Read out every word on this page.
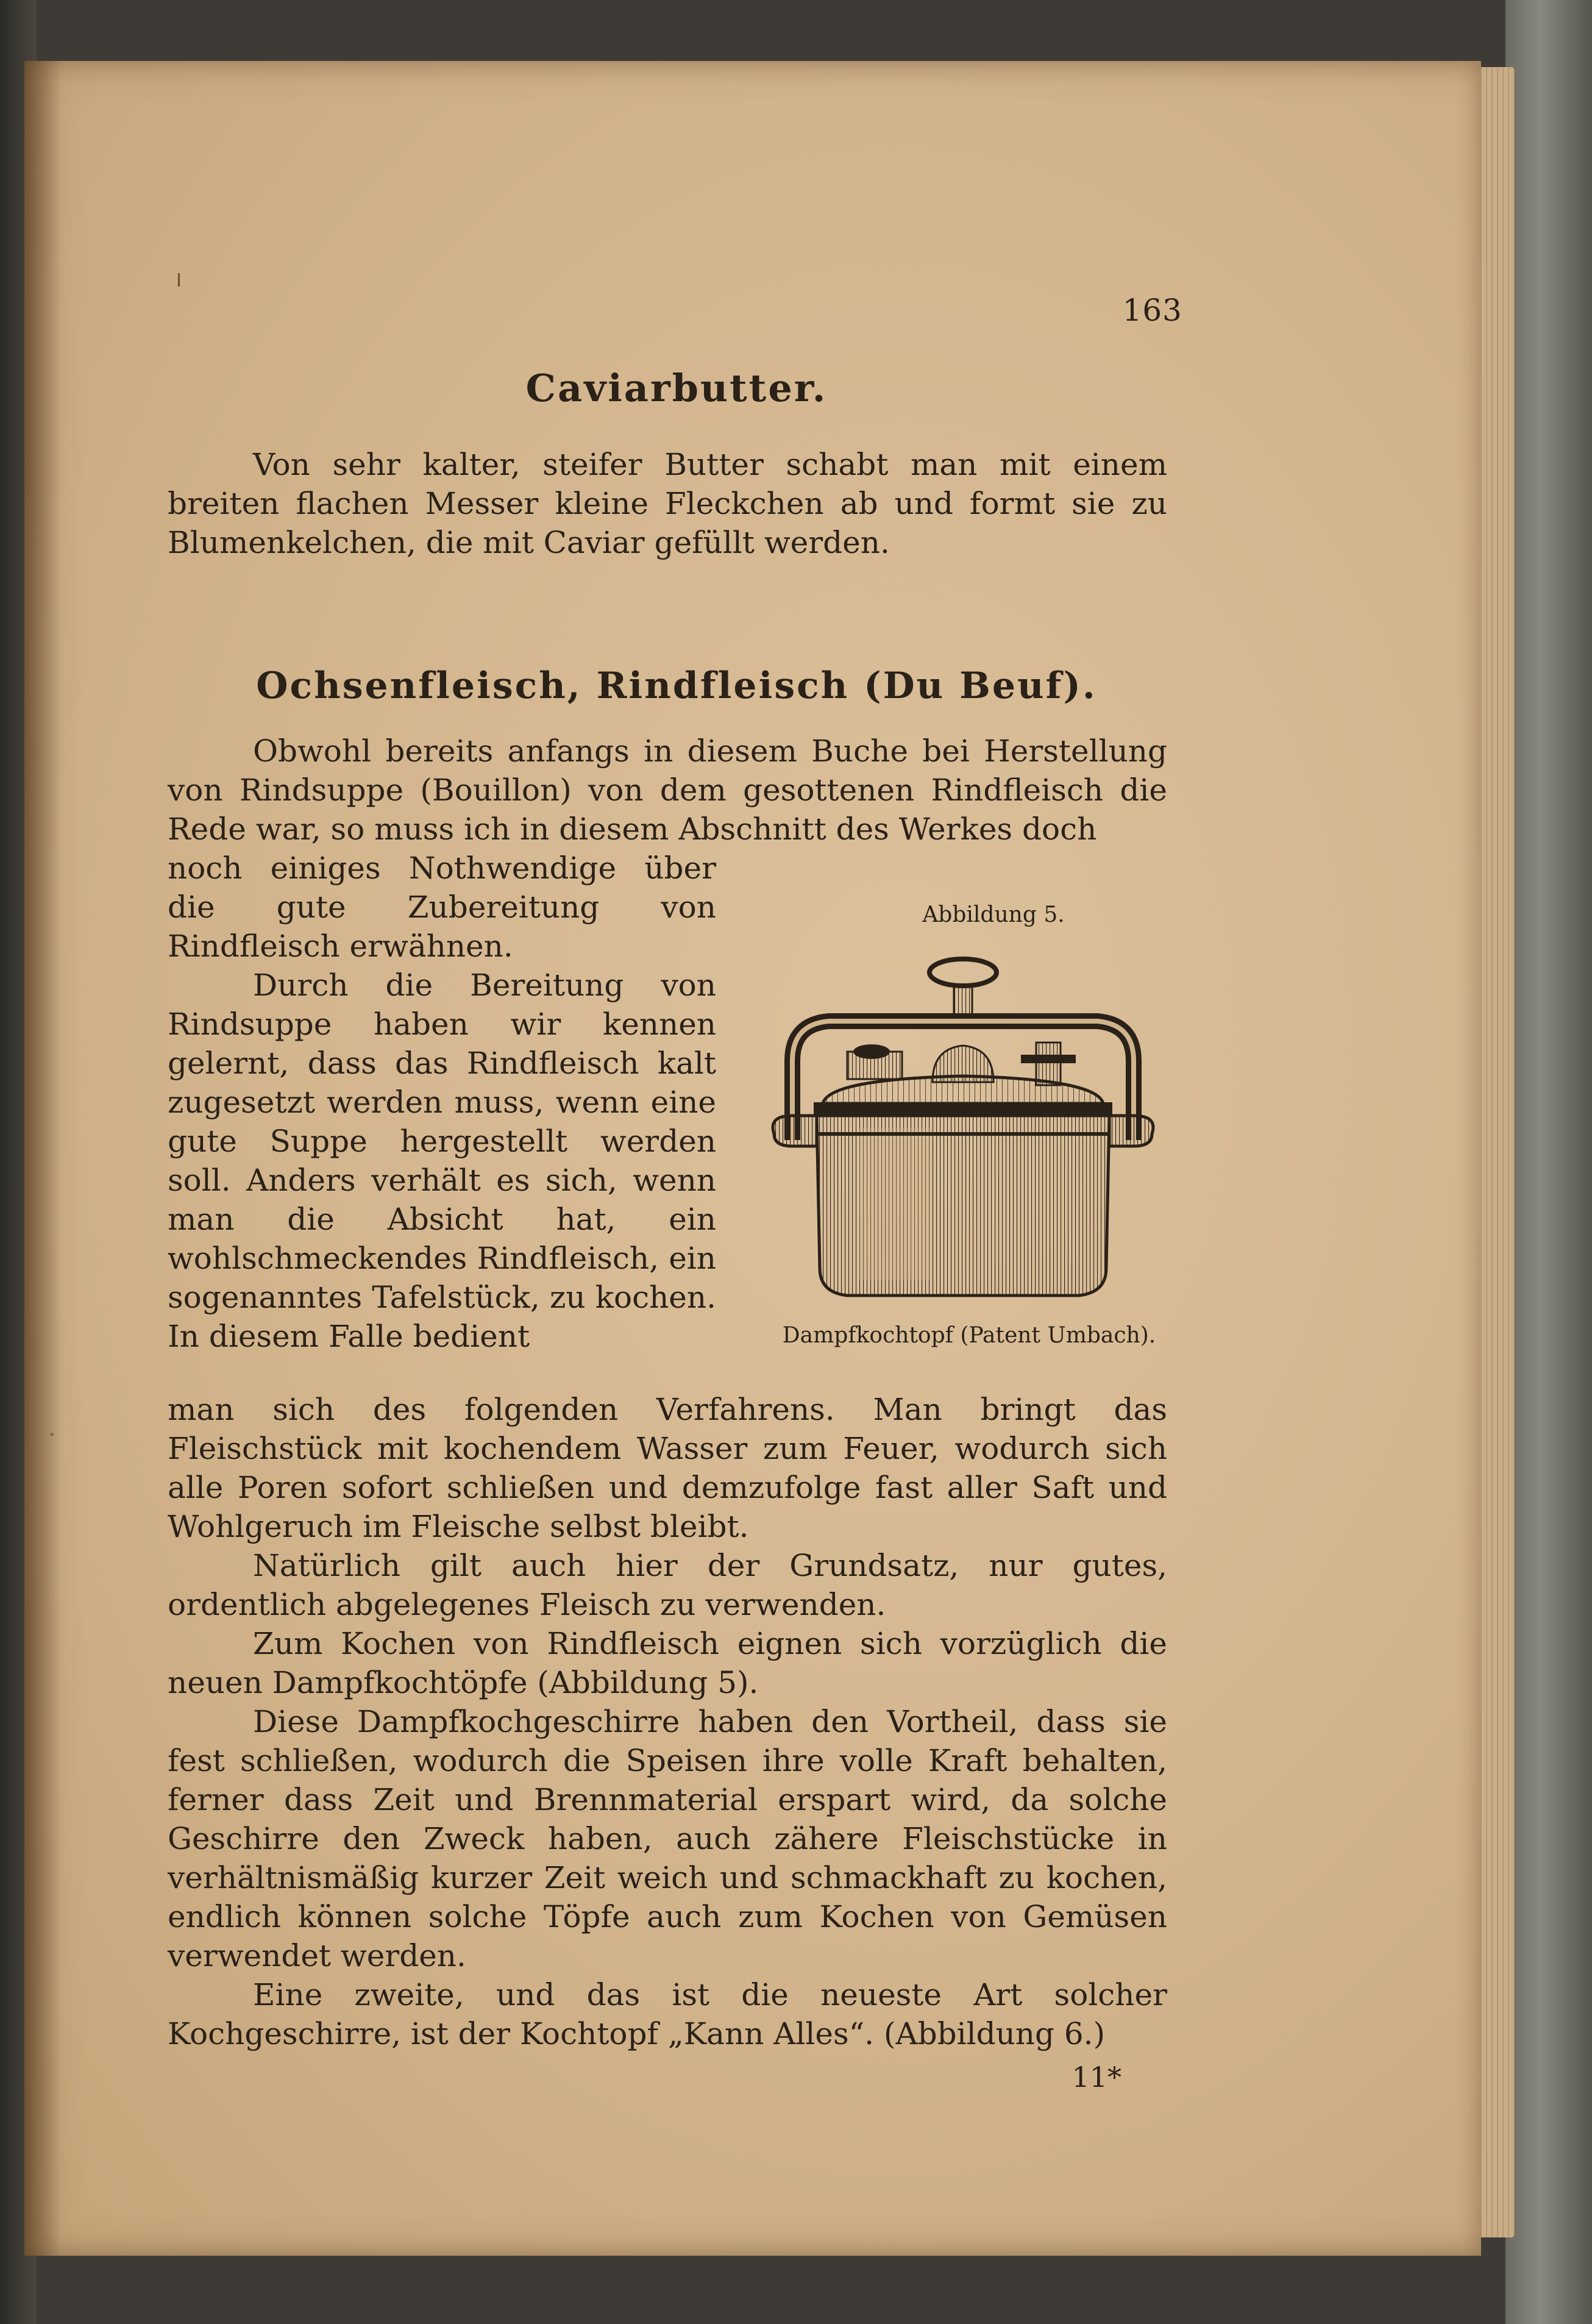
163
Caviarbutter.

Von sehr kalter, steifer Butter schabt man mit einem breiten flachen Messer kleine Fleckchen ab und formt sie zu Blumenkelchen, die mit Caviar gefüllt werden.

Ochsenfleisch, Rindfleisch (Du Beuf).

Obwohl bereits anfangs in diesem Buche bei Herstellung von Rindsuppe (Bouillon) von dem gesottenen Rindfleisch die Rede war, so muss ich in diesem Abschnitt des Werkes doch

noch einiges Nothwendige über die gute Zubereitung von Rindfleisch erwähnen.

Durch die Bereitung von Rindsuppe haben wir kennen gelernt, dass das Rindfleisch kalt zugesetzt werden muss, wenn eine gute Suppe hergestellt werden soll. Anders verhält es sich, wenn man die Absicht hat, ein wohlschmeckendes Rindfleisch, ein sogenanntes Tafelstück, zu kochen. In diesem Falle bedient

Abbildung 5.
Dampfkochtopf (Patent Umbach).

man sich des folgenden Verfahrens. Man bringt das Fleischstück mit kochendem Wasser zum Feuer, wodurch sich alle Poren sofort schließen und demzufolge fast aller Saft und Wohlgeruch im Fleische selbst bleibt.

Natürlich gilt auch hier der Grundsatz, nur gutes, ordentlich abgelegenes Fleisch zu verwenden.

Zum Kochen von Rindfleisch eignen sich vorzüglich die neuen Dampfkochtöpfe (Abbildung 5).

Diese Dampfkochgeschirre haben den Vortheil, dass sie fest schließen, wodurch die Speisen ihre volle Kraft behalten, ferner dass Zeit und Brennmaterial erspart wird, da solche Geschirre den Zweck haben, auch zähere Fleischstücke in verhältnismäßig kurzer Zeit weich und schmackhaft zu kochen, endlich können solche Töpfe auch zum Kochen von Gemüsen verwendet werden.

Eine zweite, und das ist die neueste Art solcher Kochgeschirre, ist der Kochtopf „Kann Alles“. (Abbildung 6.)

11*
